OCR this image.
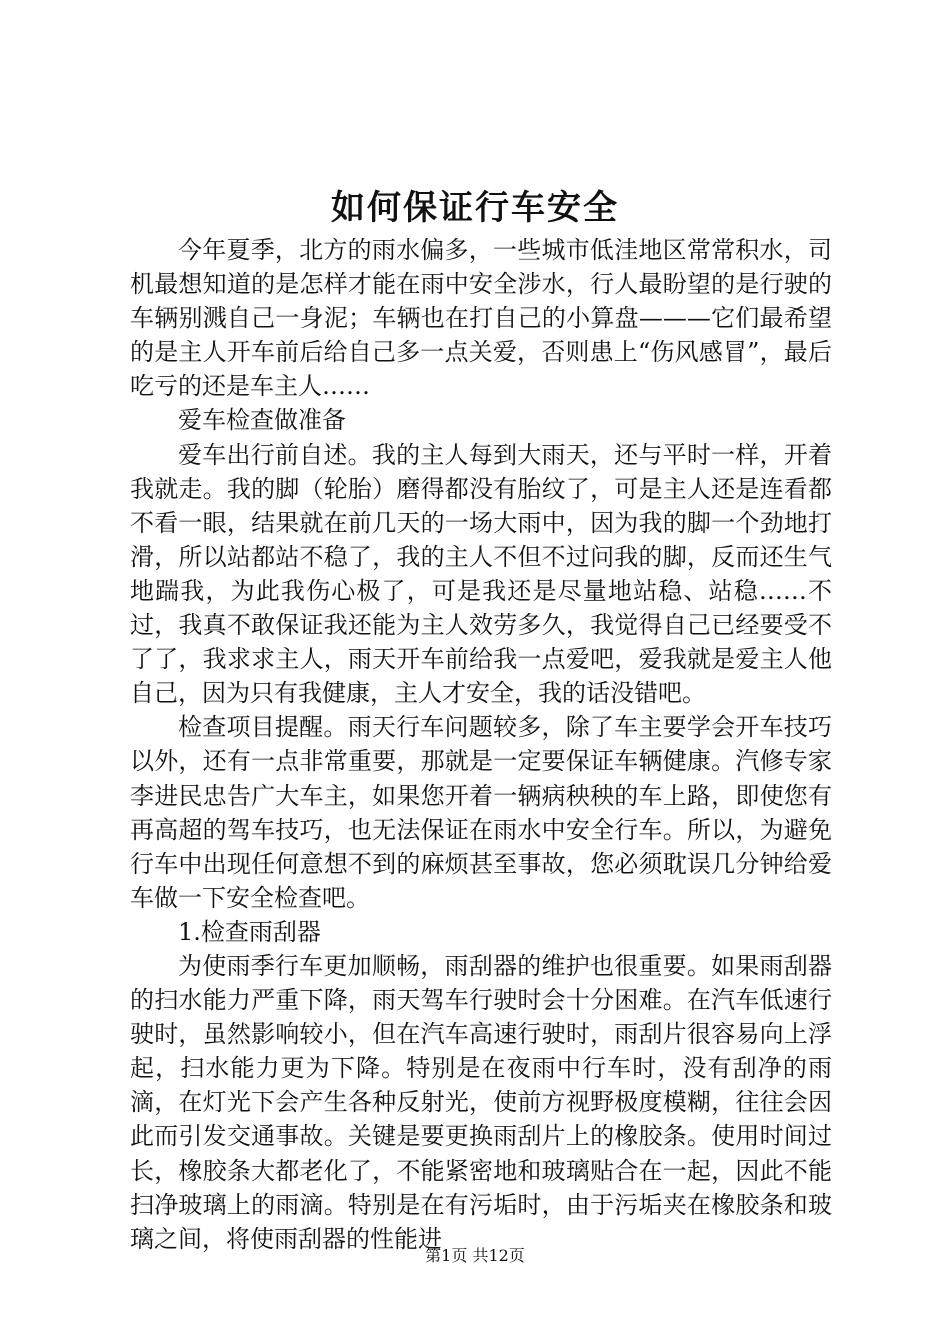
如何保证行车安全

今年夏季，北方的雨水偏多，一些城市低洼地区常常积水，司机最想知道的是怎样才能在雨中安全涉水，行人最盼望的是行驶的车辆别溅自己一身泥；车辆也在打自己的小算盘———它们最希望的是主人开车前后给自己多一点关爱，否则患上“伤风感冒”，最后吃亏的还是车主人……

爱车检查做准备

爱车出行前自述。我的主人每到大雨天，还与平时一样，开着我就走。我的脚（轮胎）磨得都没有胎纹了，可是主人还是连看都不看一眼，结果就在前几天的一场大雨中，因为我的脚一个劲地打滑，所以站都站不稳了，我的主人不但不过问我的脚，反而还生气地踹我，为此我伤心极了，可是我还是尽量地站稳、站稳……不过，我真不敢保证我还能为主人效劳多久，我觉得自己已经要受不了了，我求求主人，雨天开车前给我一点爱吧，爱我就是爱主人他自己，因为只有我健康，主人才安全，我的话没错吧。

检查项目提醒。雨天行车问题较多，除了车主要学会开车技巧以外，还有一点非常重要，那就是一定要保证车辆健康。汽修专家李进民忠告广大车主，如果您开着一辆病秧秧的车上路，即使您有再高超的驾车技巧，也无法保证在雨水中安全行车。所以，为避免行车中出现任何意想不到的麻烦甚至事故，您必须耽误几分钟给爱车做一下安全检查吧。

1.检查雨刮器

为使雨季行车更加顺畅，雨刮器的维护也很重要。如果雨刮器的扫水能力严重下降，雨天驾车行驶时会十分困难。在汽车低速行驶时，虽然影响较小，但在汽车高速行驶时，雨刮片很容易向上浮起，扫水能力更为下降。特别是在夜雨中行车时，没有刮净的雨滴，在灯光下会产生各种反射光，使前方视野极度模糊，往往会因此而引发交通事故。关键是要更换雨刮片上的橡胶条。使用时间过长，橡胶条大都老化了，不能紧密地和玻璃贴合在一起，因此不能扫净玻璃上的雨滴。特别是在有污垢时，由于污垢夹在橡胶条和玻璃之间，将使雨刮器的性能进

第1页 共12页
